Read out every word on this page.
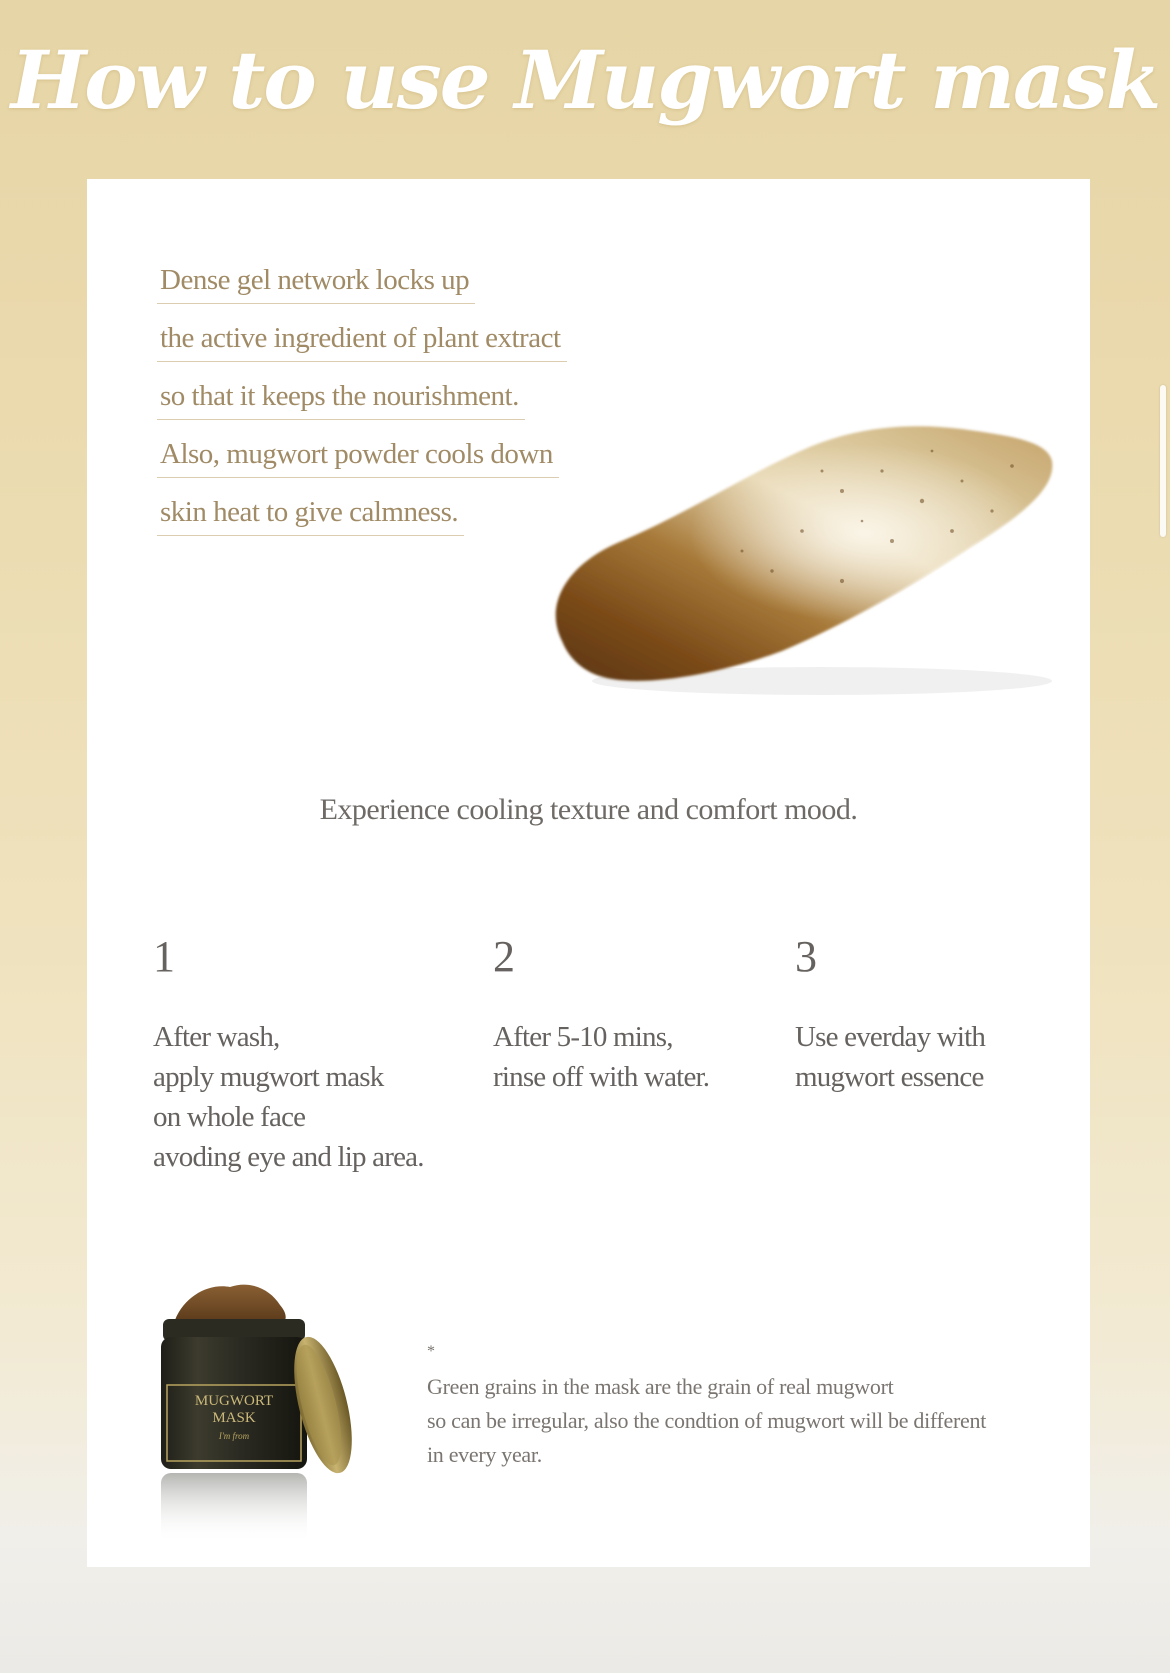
How to use Mugwort mask
Dense gel network locks up
the active ingredient of plant extract
so that it keeps the nourishment.
Also, mugwort powder cools down
skin heat to give calmness.
Experience cooling texture and comfort mood.
1
After wash,
apply mugwort mask
on whole face
avoding eye and lip area.
2
After 5-10 mins,
rinse off with water.
3
Use everday with
mugwort essence
MUGWORT
MASK
I'm from
*
Green grains in the mask are the grain of real mugwort
so can be irregular, also the condtion of mugwort will be different
in every year.
